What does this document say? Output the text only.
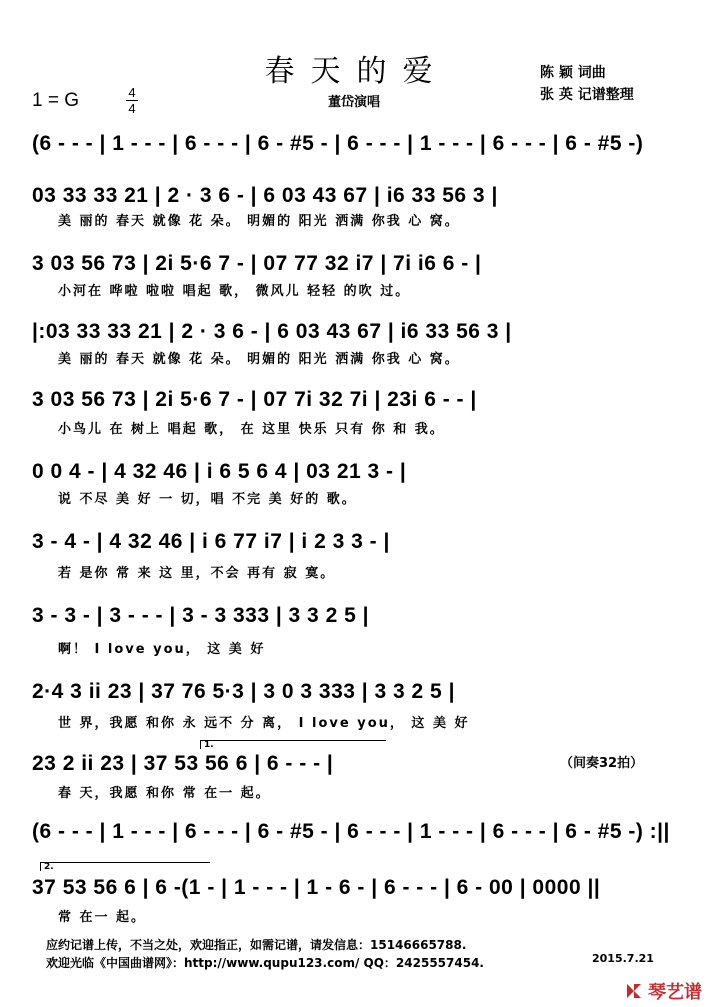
春天的爱
1 = G	4
4	董岱演唱
陈 颖 词曲
张 英 记谱整理
(6 - - - | 1 - - - | 6 - - - | 6 - #5 - | 6 - - - | 1 - - - | 6 - - - | 6 - #5 -)
03 33 33 21 | 2 · 3 6 - | 6 03 43 67 | i6 33 56 3 |
美 丽的 春天 就像 花 朵。 明媚的 阳光 洒满 你我 心 窝。
3 03 56 73 | 2i 5·6 7 - | 07 77 32 i7 | 7i i6 6 - |
小河在 哗啦 啦啦 唱起 歌， 微风儿 轻轻 的吹 过。
|:03 33 33 21 | 2 · 3 6 - | 6 03 43 67 | i6 33 56 3 |
美 丽的 春天 就像 花 朵。 明媚的 阳光 洒满 你我 心 窝。
3 03 56 73 | 2i 5·6 7 - | 07 7i 32 7i | 23i 6 - - |
小鸟儿 在 树上 唱起 歌， 在 这里 快乐 只有 你 和 我。
0 0 4 - | 4 32 46 | i 6 5 6 4 | 03 21 3 - |
说 不尽 美 好 一 切，唱 不完 美 好的 歌。
3 - 4 - | 4 32 46 | i 6 77 i7 | i 2 3 3 - |
若 是你 常 来 这 里，不会 再有 寂 寞。
3 - 3 - | 3 - - - | 3 - 3 333 | 3 3 2 5 |
啊！ I love you， 这 美 好
2·4 3 ii 23 | 37 76 5·3 | 3 0 3 333 | 3 3 2 5 |
世 界，我愿 和你 永 远不 分 离， I love you， 这 美 好
1.
23 2 ii 23 | 37 53 56 6 | 6 - - - |
春 天，我愿 和你 常 在一 起。
（间奏32拍）
(6 - - - | 1 - - - | 6 - - - | 6 - #5 - | 6 - - - | 1 - - - | 6 - - - | 6 - #5 -) :||
2.
37 53 56 6 | 6 -(1 - | 1 - - - | 1 - 6 - | 6 - - - | 6 - 00 | 0000 ||
常 在一 起。
应约记谱上传，不当之处，欢迎指正，如需记谱，请发信息：15146665788.
欢迎光临《中国曲谱网》：http://www.qupu123.com/ QQ：2425557454.	2015.7.21
琴艺谱
